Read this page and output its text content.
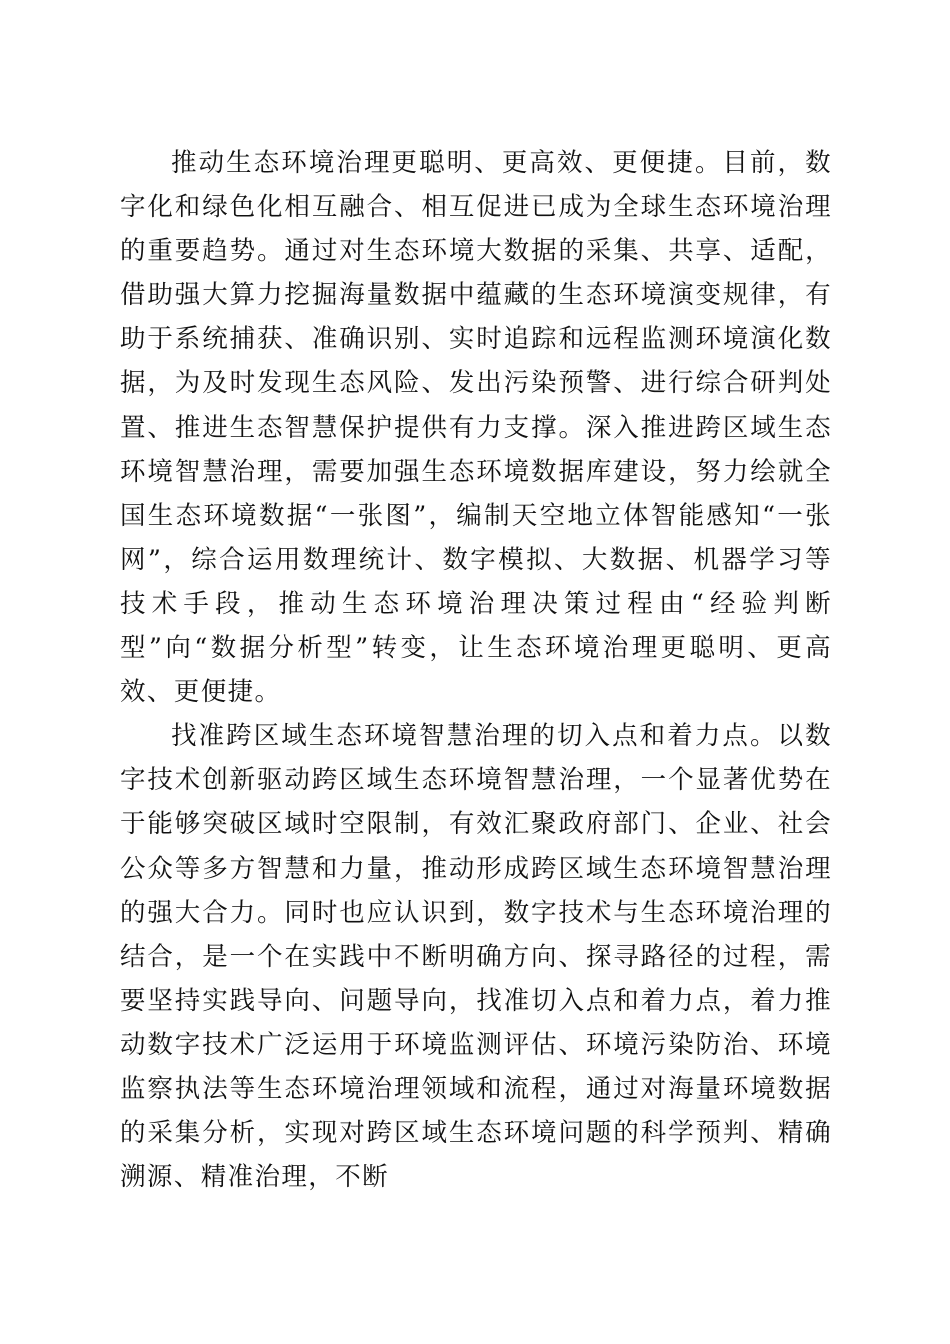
推动生态环境治理更聪明、更高效、更便捷。目前，数字化和绿色化相互融合、相互促进已成为全球生态环境治理的重要趋势。通过对生态环境大数据的采集、共享、适配，借助强大算力挖掘海量数据中蕴藏的生态环境演变规律，有助于系统捕获、准确识别、实时追踪和远程监测环境演化数据，为及时发现生态风险、发出污染预警、进行综合研判处置、推进生态智慧保护提供有力支撑。深入推进跨区域生态环境智慧治理，需要加强生态环境数据库建设，努力绘就全国生态环境数据“一张图”，编制天空地立体智能感知“一张网”，综合运用数理统计、数字模拟、大数据、机器学习等技术手段，推动生态环境治理决策过程由“经验判断型”向“数据分析型”转变，让生态环境治理更聪明、更高效、更便捷。

找准跨区域生态环境智慧治理的切入点和着力点。以数字技术创新驱动跨区域生态环境智慧治理，一个显著优势在于能够突破区域时空限制，有效汇聚政府部门、企业、社会公众等多方智慧和力量，推动形成跨区域生态环境智慧治理的强大合力。同时也应认识到，数字技术与生态环境治理的结合，是一个在实践中不断明确方向、探寻路径的过程，需要坚持实践导向、问题导向，找准切入点和着力点，着力推动数字技术广泛运用于环境监测评估、环境污染防治、环境监察执法等生态环境治理领域和流程，通过对海量环境数据的采集分析，实现对跨区域生态环境问题的科学预判、精确溯源、精准治理，不断
